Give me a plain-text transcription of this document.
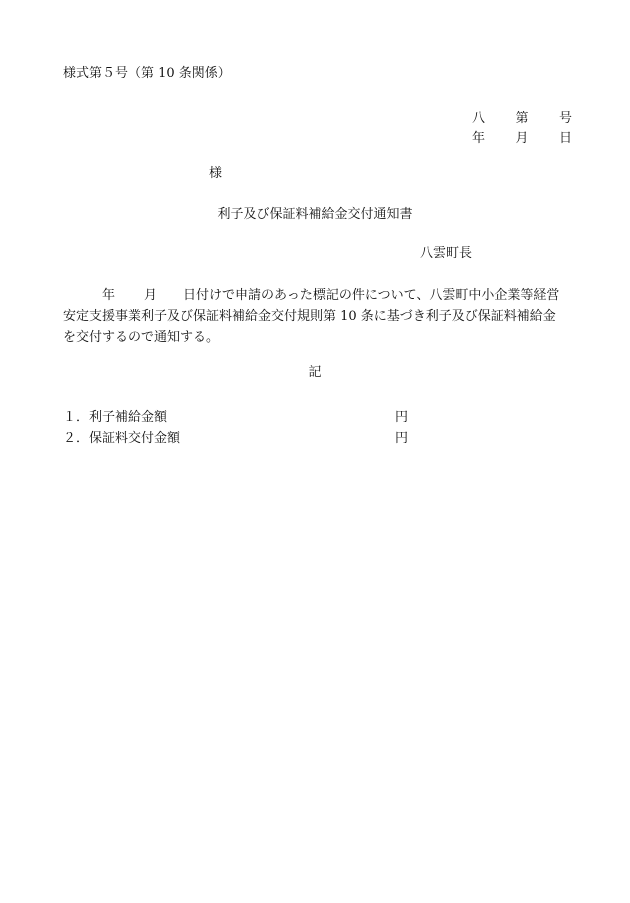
様式第５号（第 10 条関係）
八 第 号
年 月 日
様
利子及び保証料補給金交付通知書
八雲町長
年 月 日付けで申請のあった標記の件について、八雲町中小企業等経営
安定支援事業利子及び保証料補給金交付規則第 10 条に基づき利子及び保証料補給金
を交付するので通知する。
記
１．利子補給金額	円
２．保証料交付金額	円
